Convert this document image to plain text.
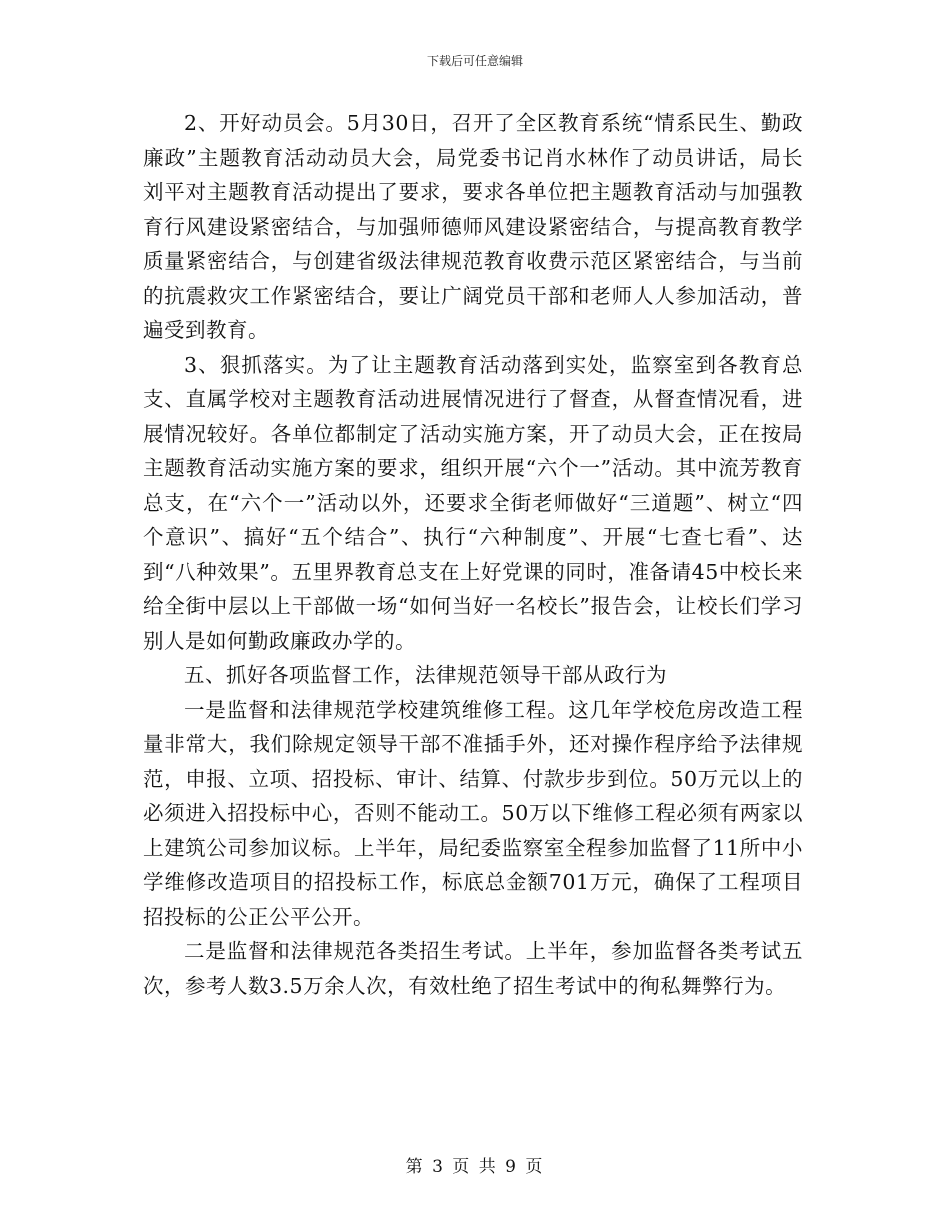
下载后可任意编辑

2、开好动员会。5月30日，召开了全区教育系统“情系民生、勤政廉政”主题教育活动动员大会，局党委书记肖水林作了动员讲话，局长刘平对主题教育活动提出了要求，要求各单位把主题教育活动与加强教育行风建设紧密结合，与加强师德师风建设紧密结合，与提高教育教学质量紧密结合，与创建省级法律规范教育收费示范区紧密结合，与当前的抗震救灾工作紧密结合，要让广阔党员干部和老师人人参加活动，普遍受到教育。

3、狠抓落实。为了让主题教育活动落到实处，监察室到各教育总支、直属学校对主题教育活动进展情况进行了督查，从督查情况看，进展情况较好。各单位都制定了活动实施方案，开了动员大会，正在按局主题教育活动实施方案的要求，组织开展“六个一”活动。其中流芳教育总支，在“六个一”活动以外，还要求全街老师做好“三道题”、树立“四个意识”、搞好“五个结合”、执行“六种制度”、开展“七查七看”、达到“八种效果”。五里界教育总支在上好党课的同时，准备请45中校长来给全街中层以上干部做一场“如何当好一名校长”报告会，让校长们学习别人是如何勤政廉政办学的。

五、抓好各项监督工作，法律规范领导干部从政行为

一是监督和法律规范学校建筑维修工程。这几年学校危房改造工程量非常大，我们除规定领导干部不准插手外，还对操作程序给予法律规范，申报、立项、招投标、审计、结算、付款步步到位。50万元以上的必须进入招投标中心，否则不能动工。50万以下维修工程必须有两家以上建筑公司参加议标。上半年，局纪委监察室全程参加监督了11所中小学维修改造项目的招投标工作，标底总金额701万元，确保了工程项目招投标的公正公平公开。

二是监督和法律规范各类招生考试。上半年，参加监督各类考试五次，参考人数3.5万余人次，有效杜绝了招生考试中的徇私舞弊行为。

第 3 页 共 9 页
